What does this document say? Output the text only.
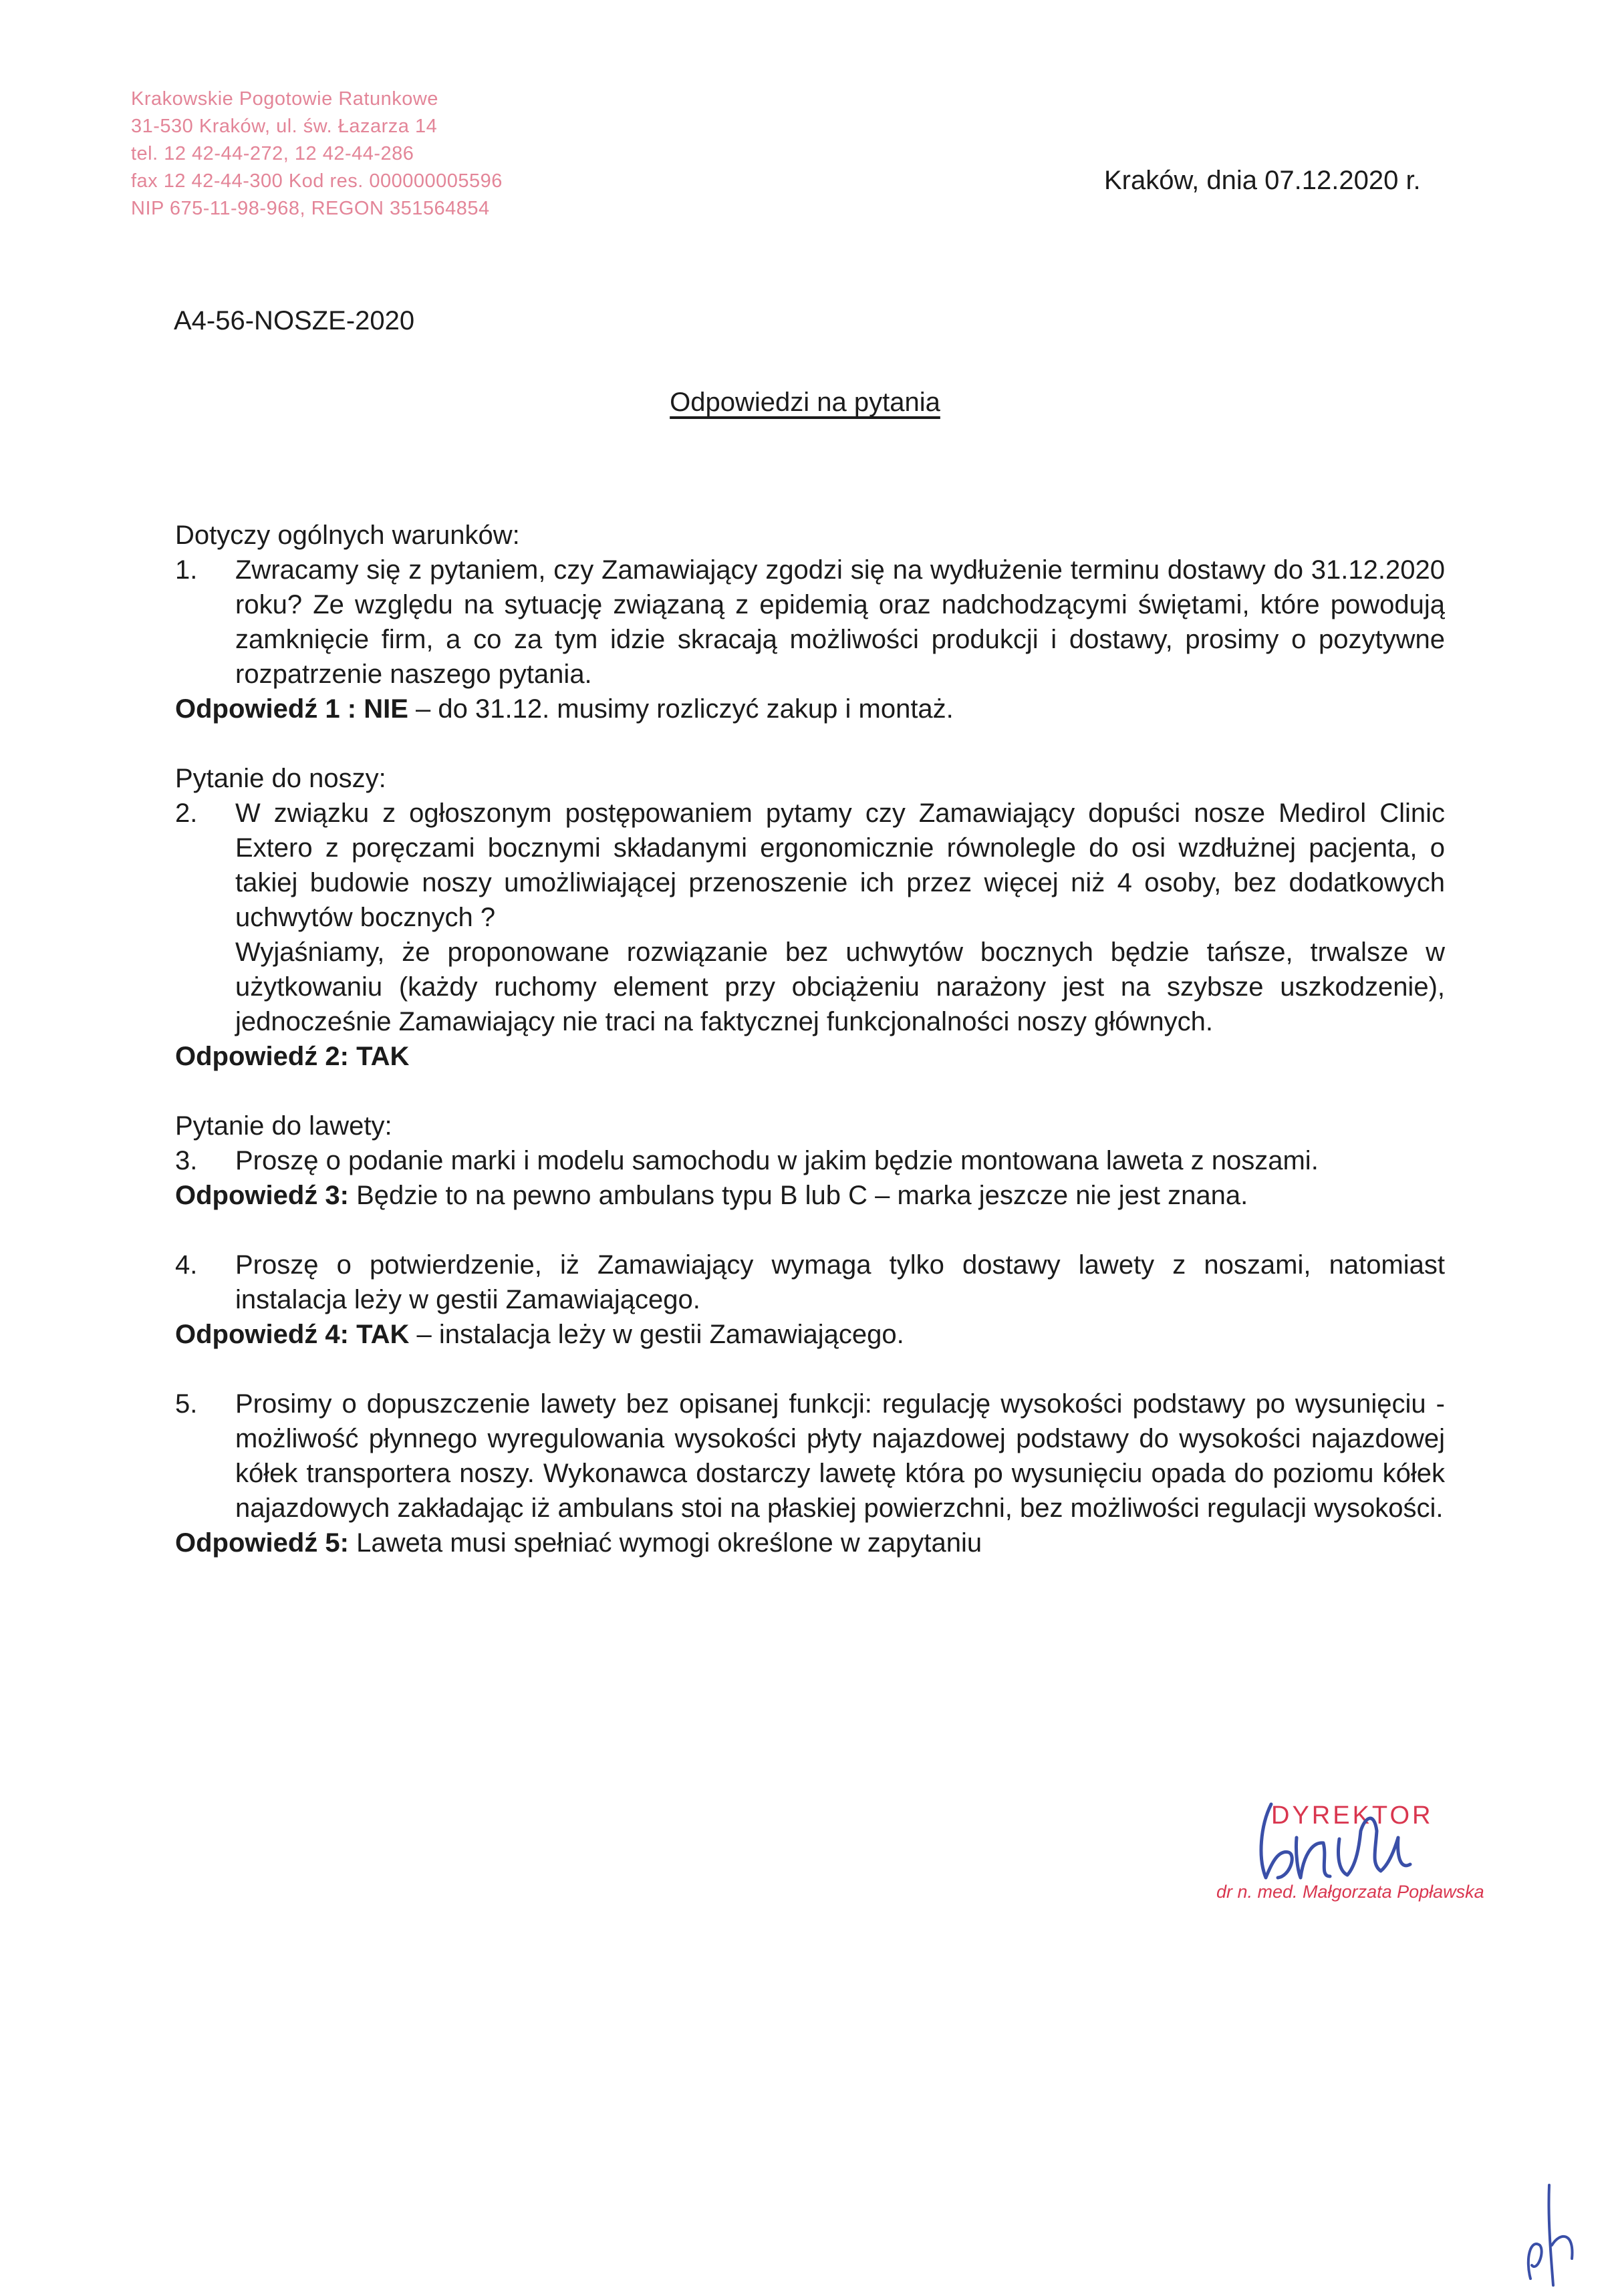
Krakowskie Pogotowie Ratunkowe
31-530 Kraków, ul. św. Łazarza 14
tel. 12 42-44-272, 12 42-44-286
fax 12 42-44-300 Kod res. 000000005596
NIP 675-11-98-968, REGON 351564854
Kraków, dnia 07.12.2020 r.
A4-56-NOSZE-2020
Odpowiedzi na pytania

Dotyczy ogólnych warunków:

1.	Zwracamy się z pytaniem, czy Zamawiający zgodzi się na wydłużenie terminu dostawy do 31.12.2020 roku? Ze względu na sytuację związaną z epidemią oraz nadchodzącymi świętami, które powodują zamknięcie firm, a co za tym idzie skracają możliwości produkcji i dostawy, prosimy o pozytywne rozpatrzenie naszego pytania.

Odpowiedź 1 : NIE – do 31.12. musimy rozliczyć zakup i montaż.

Pytanie do noszy:

2.	W związku z ogłoszonym postępowaniem pytamy czy Zamawiający dopuści nosze Medirol Clinic Extero z poręczami bocznymi składanymi ergonomicznie równolegle do osi wzdłużnej pacjenta, o takiej budowie noszy umożliwiającej przenoszenie ich przez więcej niż 4 osoby, bez dodatkowych uchwytów bocznych ?
Wyjaśniamy, że proponowane rozwiązanie bez uchwytów bocznych będzie tańsze, trwalsze w użytkowaniu (każdy ruchomy element przy obciążeniu narażony jest na szybsze uszkodzenie), jednocześnie Zamawiający nie traci na faktycznej funkcjonalności noszy głównych.

Odpowiedź 2: TAK

Pytanie do lawety:

3.	Proszę o podanie marki i modelu samochodu w jakim będzie montowana laweta z noszami.

Odpowiedź 3: Będzie to na pewno ambulans typu B lub C – marka jeszcze nie jest znana.

4.	Proszę o potwierdzenie, iż Zamawiający wymaga tylko dostawy lawety z noszami, natomiast instalacja leży w gestii Zamawiającego.

Odpowiedź 4: TAK – instalacja leży w gestii Zamawiającego.

5.	Prosimy o dopuszczenie lawety bez opisanej funkcji: regulację wysokości podstawy po wysunięciu - możliwość płynnego wyregulowania wysokości płyty najazdowej podstawy do wysokości najazdowej kółek transportera noszy. Wykonawca dostarczy lawetę która po wysunięciu opada do poziomu kółek najazdowych zakładając iż ambulans stoi na płaskiej powierzchni, bez możliwości regulacji wysokości.

Odpowiedź 5: Laweta musi spełniać wymogi określone w zapytaniu

DYREKTOR
dr n. med. Małgorzata Popławska
